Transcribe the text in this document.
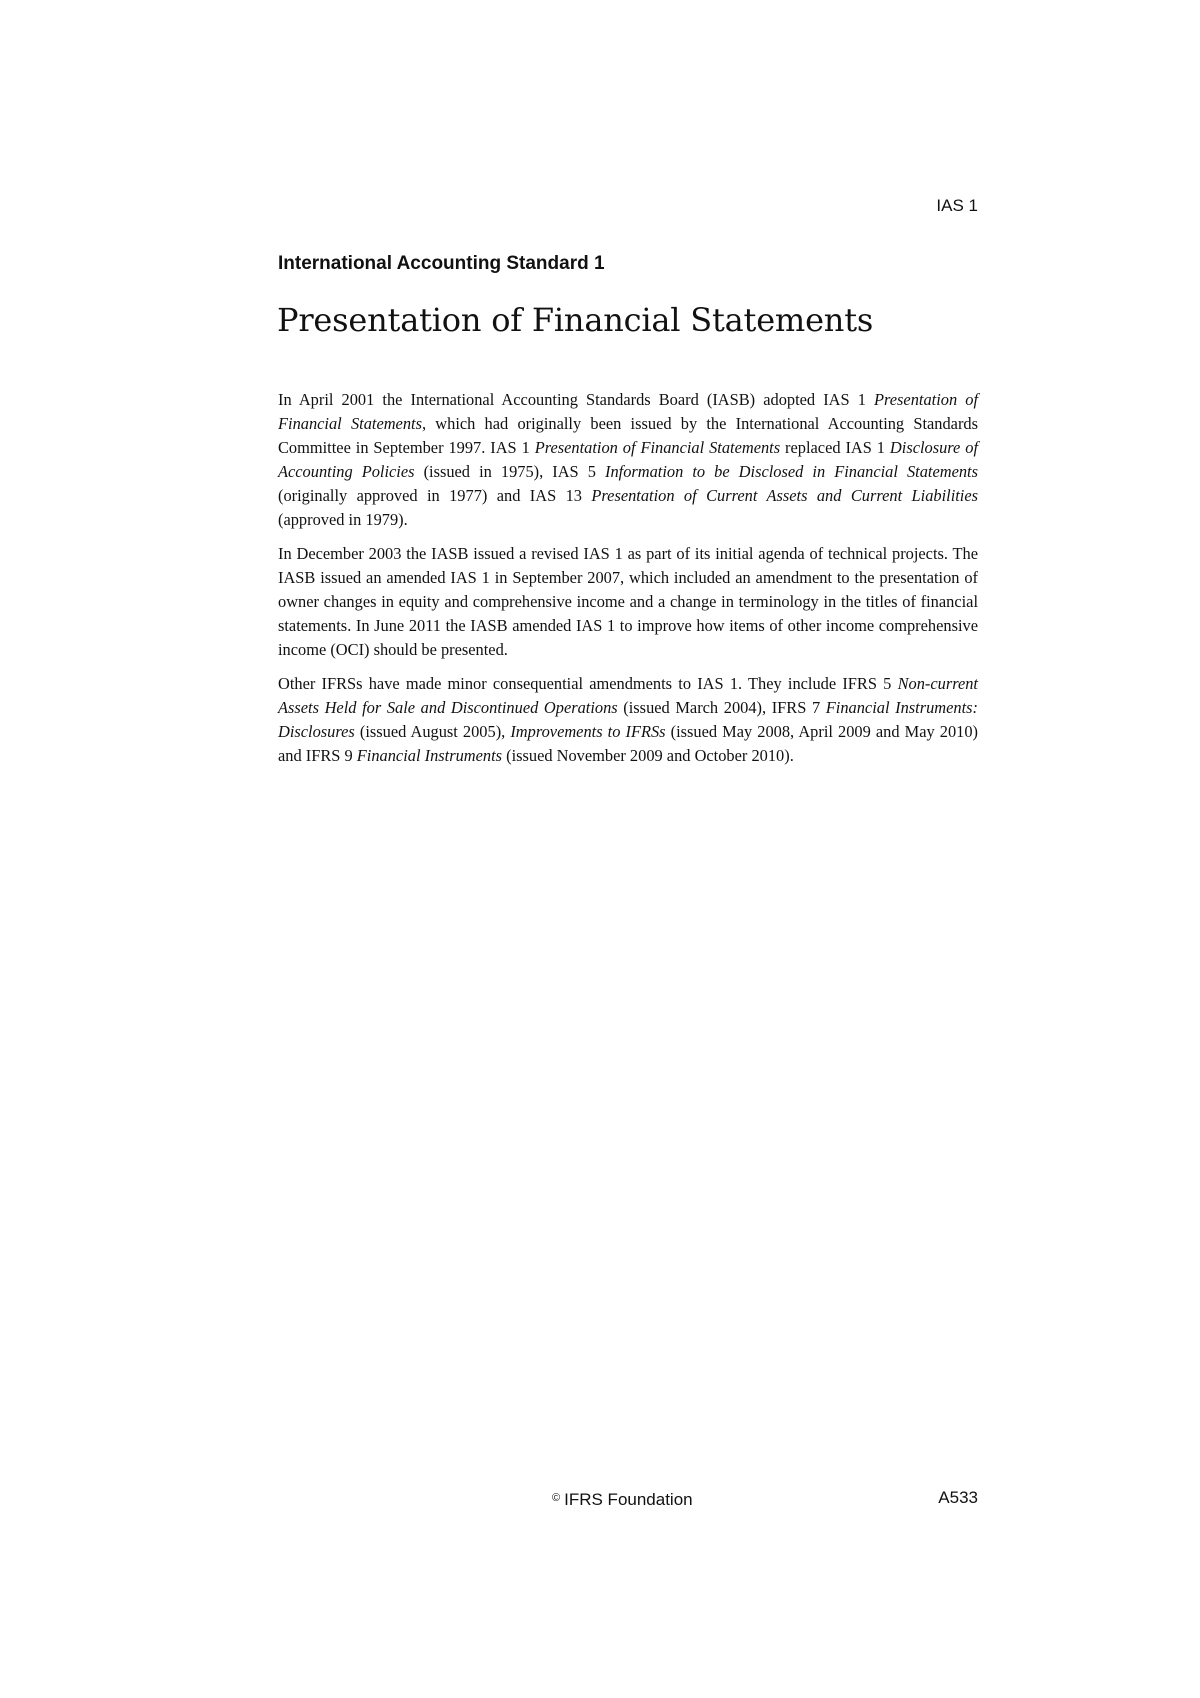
IAS 1
International Accounting Standard 1
Presentation of Financial Statements

In April 2001 the International Accounting Standards Board (IASB) adopted IAS 1 Presentation of Financial Statements, which had originally been issued by the International Accounting Standards Committee in September 1997. IAS 1 Presentation of Financial Statements replaced IAS 1 Disclosure of Accounting Policies (issued in 1975), IAS 5 Information to be Disclosed in Financial Statements (originally approved in 1977) and IAS 13 Presentation of Current Assets and Current Liabilities (approved in 1979).

In December 2003 the IASB issued a revised IAS 1 as part of its initial agenda of technical projects. The IASB issued an amended IAS 1 in September 2007, which included an amendment to the presentation of owner changes in equity and comprehensive income and a change in terminology in the titles of financial statements. In June 2011 the IASB amended IAS 1 to improve how items of other income comprehensive income (OCI) should be presented.

Other IFRSs have made minor consequential amendments to IAS 1. They include IFRS 5 Non-current Assets Held for Sale and Discontinued Operations (issued March 2004), IFRS 7 Financial Instruments: Disclosures (issued August 2005), Improvements to IFRSs (issued May 2008, April 2009 and May 2010) and IFRS 9 Financial Instruments (issued November 2009 and October 2010).

© IFRS Foundation	A533
